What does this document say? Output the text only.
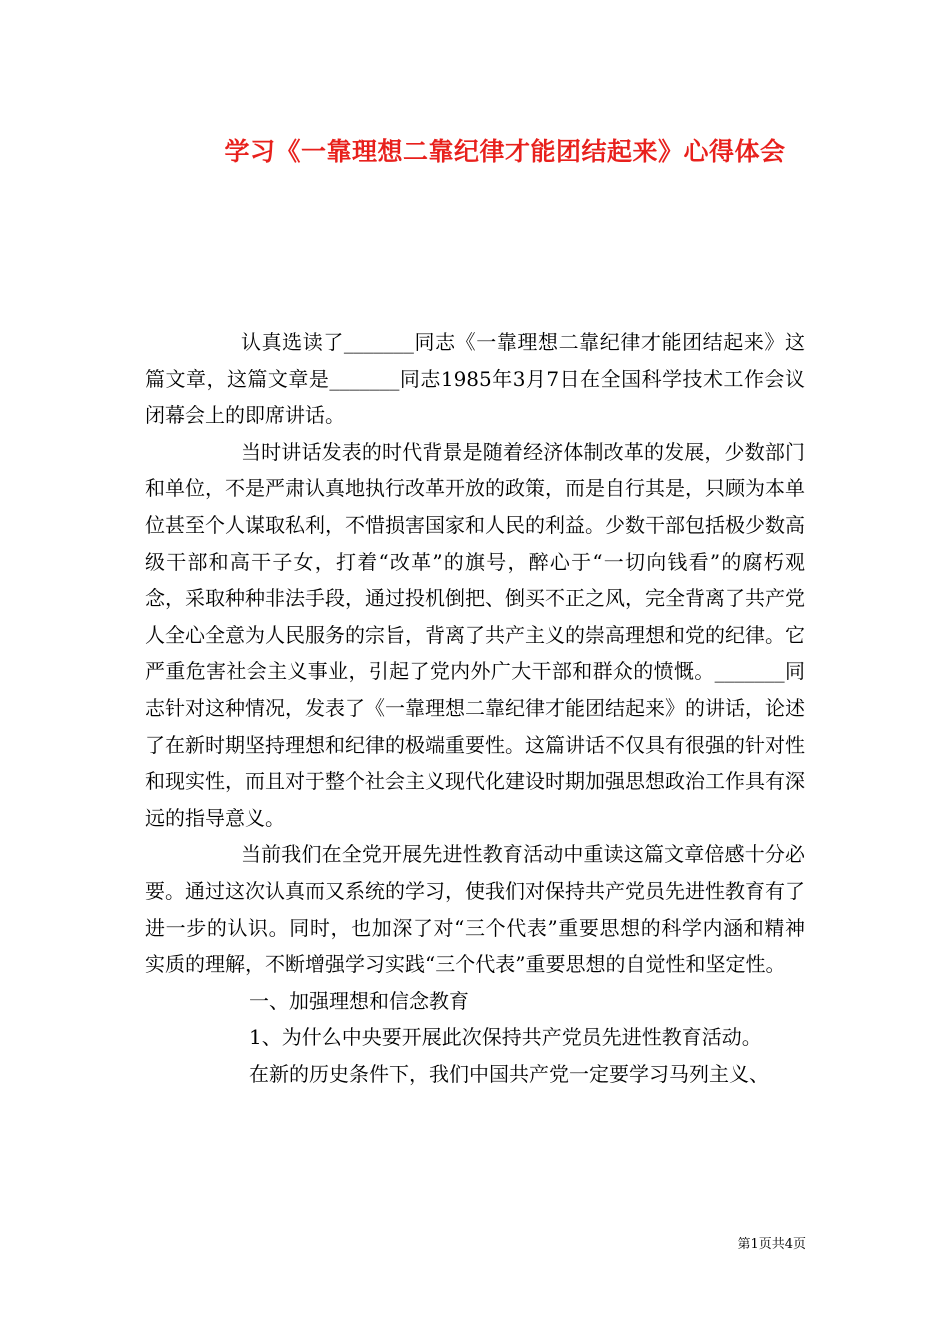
学习《一靠理想二靠纪律才能团结起来》心得体会

认真选读了_______同志《一靠理想二靠纪律才能团结起来》这篇文章，这篇文章是_______同志1985年3月7日在全国科学技术工作会议闭幕会上的即席讲话。

当时讲话发表的时代背景是随着经济体制改革的发展，少数部门和单位，不是严肃认真地执行改革开放的政策，而是自行其是，只顾为本单位甚至个人谋取私利，不惜损害国家和人民的利益。少数干部包括极少数高级干部和高干子女，打着“改革”的旗号，醉心于“一切向钱看”的腐朽观念，采取种种非法手段，通过投机倒把、倒买不正之风，完全背离了共产党人全心全意为人民服务的宗旨，背离了共产主义的崇高理想和党的纪律。它严重危害社会主义事业，引起了党内外广大干部和群众的愤慨。_______同志针对这种情况，发表了《一靠理想二靠纪律才能团结起来》的讲话，论述了在新时期坚持理想和纪律的极端重要性。这篇讲话不仅具有很强的针对性和现实性，而且对于整个社会主义现代化建设时期加强思想政治工作具有深远的指导意义。

当前我们在全党开展先进性教育活动中重读这篇文章倍感十分必要。通过这次认真而又系统的学习，使我们对保持共产党员先进性教育有了进一步的认识。同时，也加深了对“三个代表”重要思想的科学内涵和精神实质的理解，不断增强学习实践“三个代表”重要思想的自觉性和坚定性。

一、加强理想和信念教育

1、为什么中央要开展此次保持共产党员先进性教育活动。

在新的历史条件下，我们中国共产党一定要学习马列主义、

第1页共4页
